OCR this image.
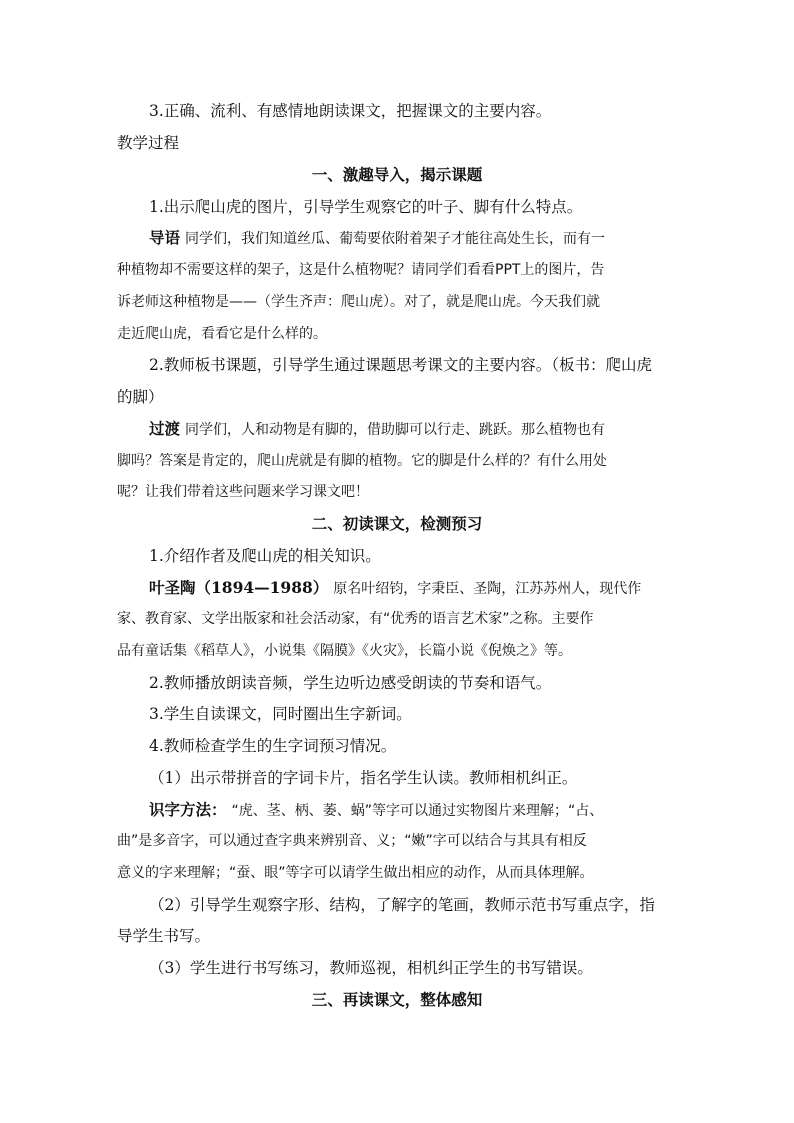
3.正确、流利、有感情地朗读课文，把握课文的主要内容。
教学过程
一、激趣导入，揭示课题
1.出示爬山虎的图片，引导学生观察它的叶子、脚有什么特点。
导语 同学们，我们知道丝瓜、葡萄要依附着架子才能往高处生长，而有一
种植物却不需要这样的架子，这是什么植物呢？请同学们看看PPT上的图片，告
诉老师这种植物是——（学生齐声：爬山虎）。对了，就是爬山虎。今天我们就
走近爬山虎，看看它是什么样的。
2.教师板书课题，引导学生通过课题思考课文的主要内容。（板书：爬山虎
的脚）
过渡 同学们，人和动物是有脚的，借助脚可以行走、跳跃。那么植物也有
脚吗？答案是肯定的，爬山虎就是有脚的植物。它的脚是什么样的？有什么用处
呢？让我们带着这些问题来学习课文吧！
二、初读课文，检测预习
1.介绍作者及爬山虎的相关知识。
叶圣陶（1894—1988） 原名叶绍钧，字秉臣、圣陶，江苏苏州人，现代作
家、教育家、文学出版家和社会活动家，有“优秀的语言艺术家”之称。主要作
品有童话集《稻草人》，小说集《隔膜》《火灾》，长篇小说《倪焕之》等。
2.教师播放朗读音频，学生边听边感受朗读的节奏和语气。
3.学生自读课文，同时圈出生字新词。
4.教师检查学生的生字词预习情况。
（1）出示带拼音的字词卡片，指名学生认读。教师相机纠正。
识字方法： “虎、茎、柄、萎、蜗”等字可以通过实物图片来理解；“占、
曲”是多音字，可以通过查字典来辨别音、义；“嫩”字可以结合与其具有相反
意义的字来理解；“蚕、眼”等字可以请学生做出相应的动作，从而具体理解。
（2）引导学生观察字形、结构，了解字的笔画，教师示范书写重点字，指
导学生书写。
（3）学生进行书写练习，教师巡视，相机纠正学生的书写错误。
三、再读课文，整体感知
